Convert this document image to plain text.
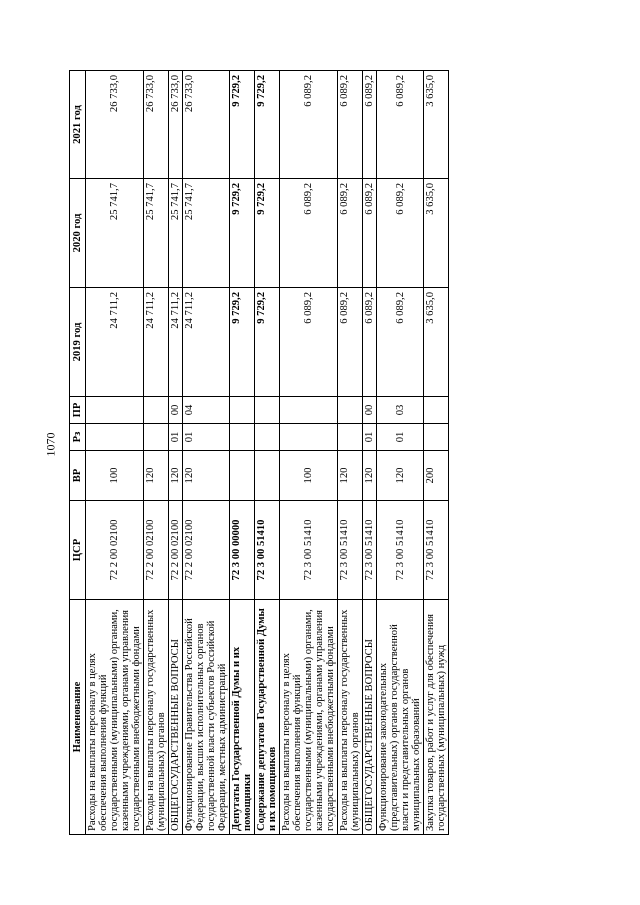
1070
Наименование	ЦСР	ВР	Рз	ПР	2019 год	2020 год	2021 год
Расходы на выплаты персоналу в целях обеспечения выполнения функций государственными (муниципальными) органами, казенными учреждениями, органами управления государственными внебюджетными фондами	72 2 00 02100	100			24 711,2	25 741,7	26 733,0
Расходы на выплаты персоналу государственных (муниципальных) органов	72 2 00 02100	120			24 711,2	25 741,7	26 733,0
ОБЩЕГОСУДАРСТВЕННЫЕ ВОПРОСЫ	72 2 00 02100	120	01	00	24 711,2	25 741,7	26 733,0
Функционирование Правительства Российской Федерации, высших исполнительных органов государственной власти субъектов Российской Федерации, местных администраций	72 2 00 02100	120	01	04	24 711,2	25 741,7	26 733,0
Депутаты Государственной Думы и их помощники	72 3 00 00000				9 729,2	9 729,2	9 729,2
Содержание депутатов Государственной Думы и их помощников	72 3 00 51410				9 729,2	9 729,2	9 729,2
Расходы на выплаты персоналу в целях обеспечения выполнения функций государственными (муниципальными) органами, казенными учреждениями, органами управления государственными внебюджетными фондами	72 3 00 51410	100			6 089,2	6 089,2	6 089,2
Расходы на выплаты персоналу государственных (муниципальных) органов	72 3 00 51410	120			6 089,2	6 089,2	6 089,2
ОБЩЕГОСУДАРСТВЕННЫЕ ВОПРОСЫ	72 3 00 51410	120	01	00	6 089,2	6 089,2	6 089,2
Функционирование законодательных (представительных) органов государственной власти и представительных органов муниципальных образований	72 3 00 51410	120	01	03	6 089,2	6 089,2	6 089,2
Закупка товаров, работ и услуг для обеспечения государственных (муниципальных) нужд	72 3 00 51410	200			3 635,0	3 635,0	3 635,0
